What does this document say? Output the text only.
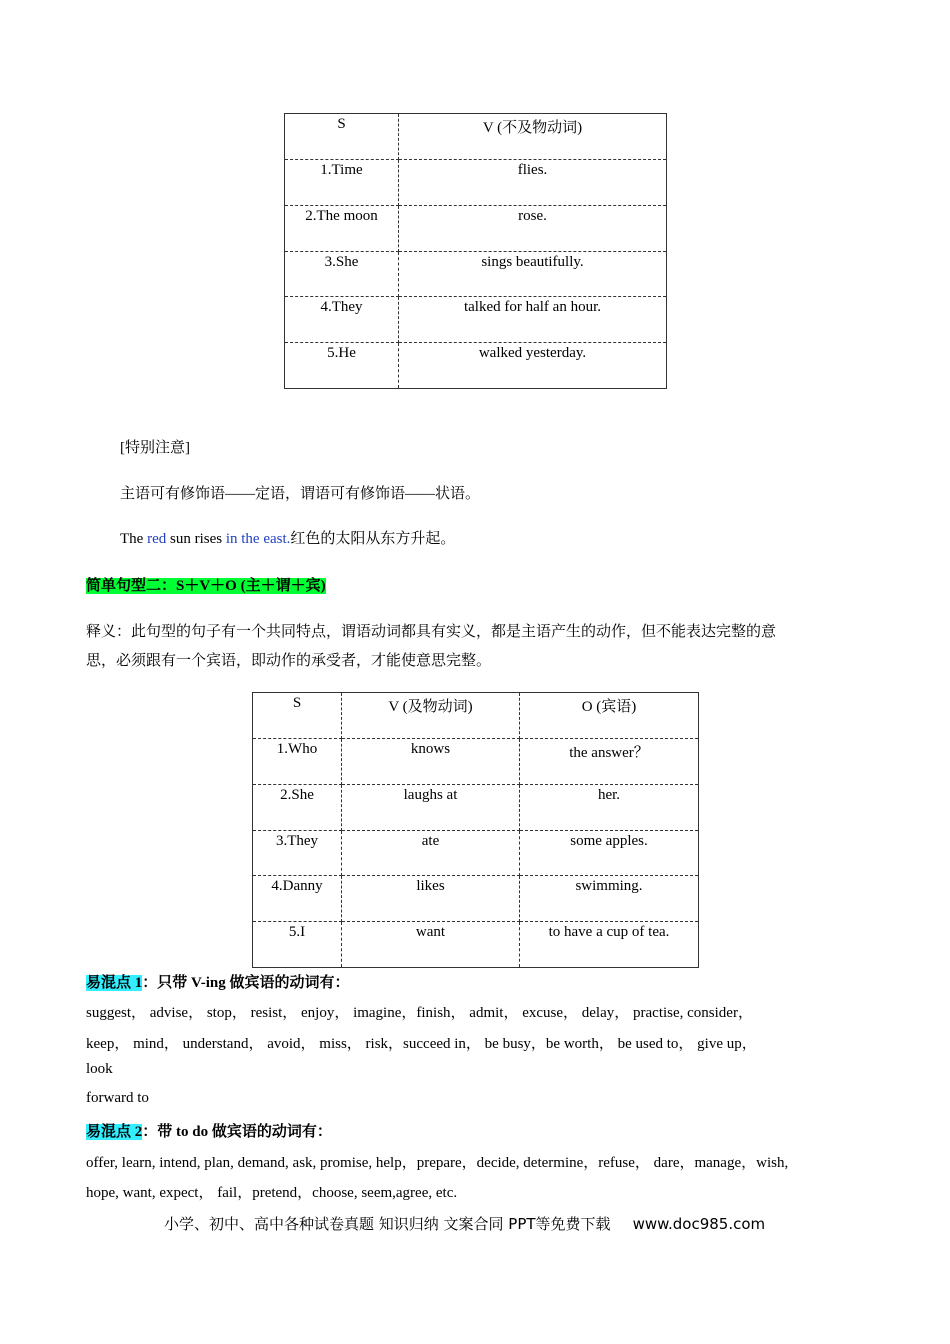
S	V (不及物动词)
1.Time	flies.
2.The moon	rose.
3.She	sings beautifully.
4.They	talked for half an hour.
5.He	walked yesterday.
[特别注意]
主语可有修饰语——定语，谓语可有修饰语——状语。
The red sun rises in the east.红色的太阳从东方升起。
简单句型二：S＋V＋O (主＋谓＋宾)
释义：此句型的句子有一个共同特点，谓语动词都具有实义，都是主语产生的动作，但不能表达完整的意
思，必须跟有一个宾语，即动作的承受者，才能使意思完整。
S	V (及物动词)	O (宾语)
1.Who	knows	the answer？
2.She	laughs at	her.
3.They	ate	some apples.
4.Danny	likes	swimming.
5.I	want	to have a cup of tea.
易混点 1：只带 V-ing 做宾语的动词有：
suggest， advise， stop， resist， enjoy， imagine，finish， admit， excuse， delay， practise, consider，
keep， mind， understand， avoid， miss， risk，succeed in， be busy，be worth， be used to， give up，
look
forward to
易混点 2：带 to do 做宾语的动词有：
offer, learn, intend, plan, demand, ask, promise, help，prepare，decide, determine，refuse， dare，manage，wish,
hope, want, expect， fail，pretend，choose, seem,agree, etc.
小学、初中、高中各种试卷真题 知识归纳 文案合同 PPT等免费下载 www.doc985.com
